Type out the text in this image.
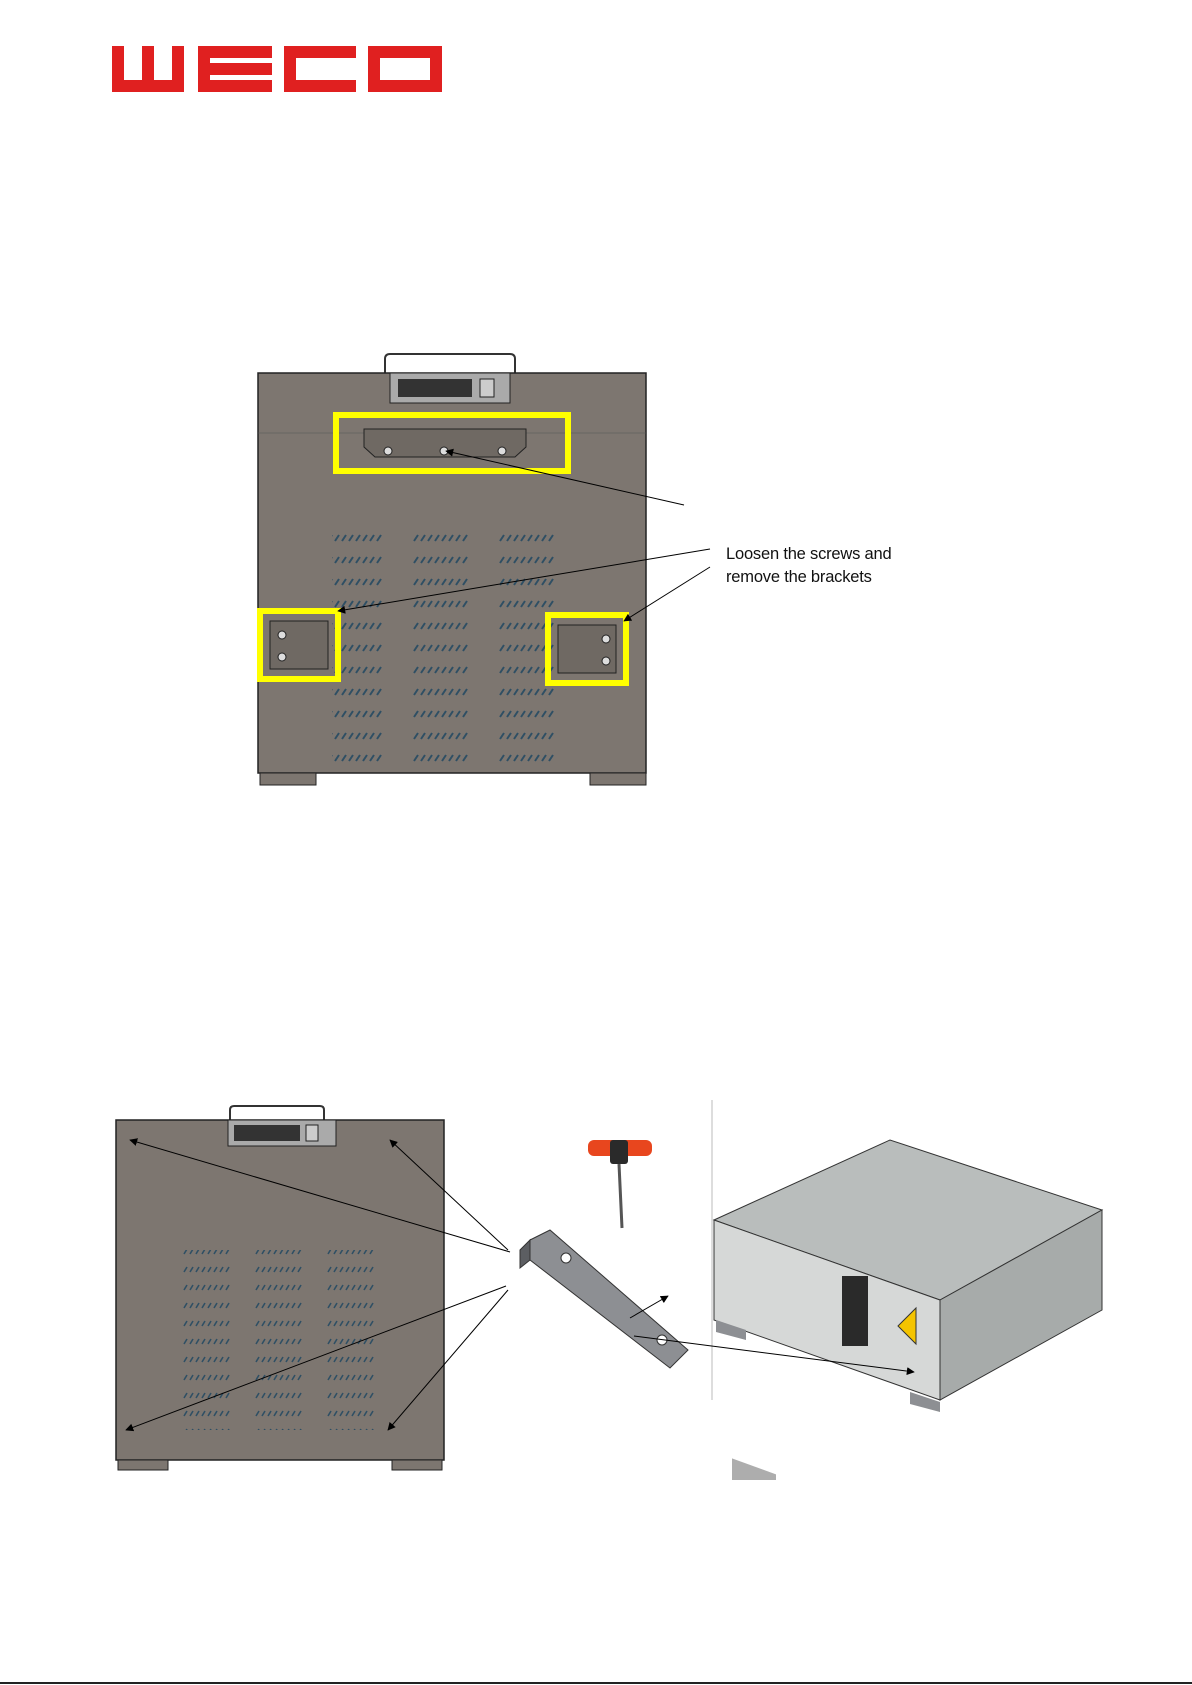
Loosen the screws and
remove the brackets
